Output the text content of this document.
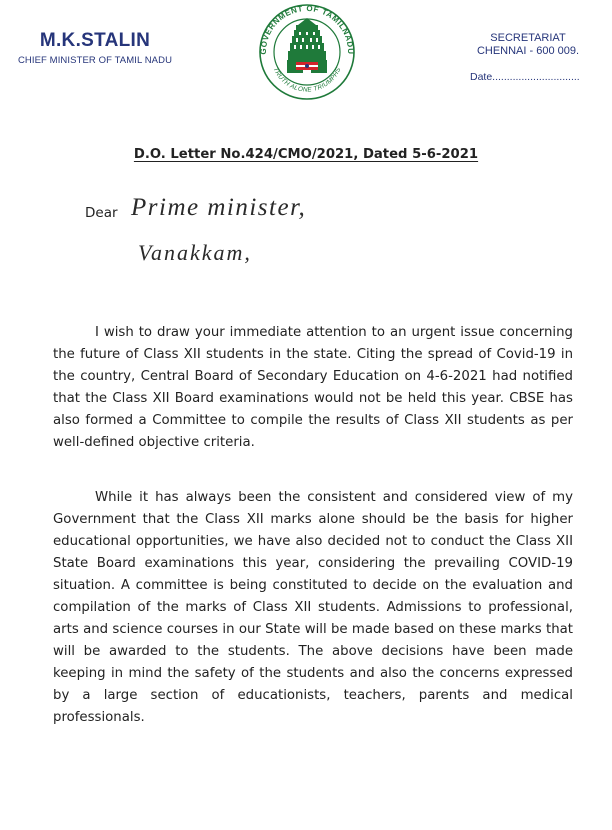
M.K.STALIN
CHIEF MINISTER OF TAMIL NADU
GOVERNMENT OF TAMILNADU
TRUTH ALONE TRIUMPHS
SECRETARIAT
CHENNAI - 600 009.
Date..............................
D.O. Letter No.424/CMO/2021, Dated 5-6-2021
Dear Prime minister,
Vanakkam,

I wish to draw your immediate attention to an urgent issue concerning the future of Class XII students in the state. Citing the spread of Covid-19 in the country, Central Board of Secondary Education on 4-6-2021 had notified that the Class XII Board examinations would not be held this year. CBSE has also formed a Committee to compile the results of Class XII students as per well-defined objective criteria.

While it has always been the consistent and considered view of my Government that the Class XII marks alone should be the basis for higher educational opportunities, we have also decided not to conduct the Class XII State Board examinations this year, considering the prevailing COVID-19 situation. A committee is being constituted to decide on the evaluation and compilation of the marks of Class XII students. Admissions to professional, arts and science courses in our State will be made based on these marks that will be awarded to the students. The above decisions have been made keeping in mind the safety of the students and also the concerns expressed by a large section of educationists, teachers, parents and medical professionals.
